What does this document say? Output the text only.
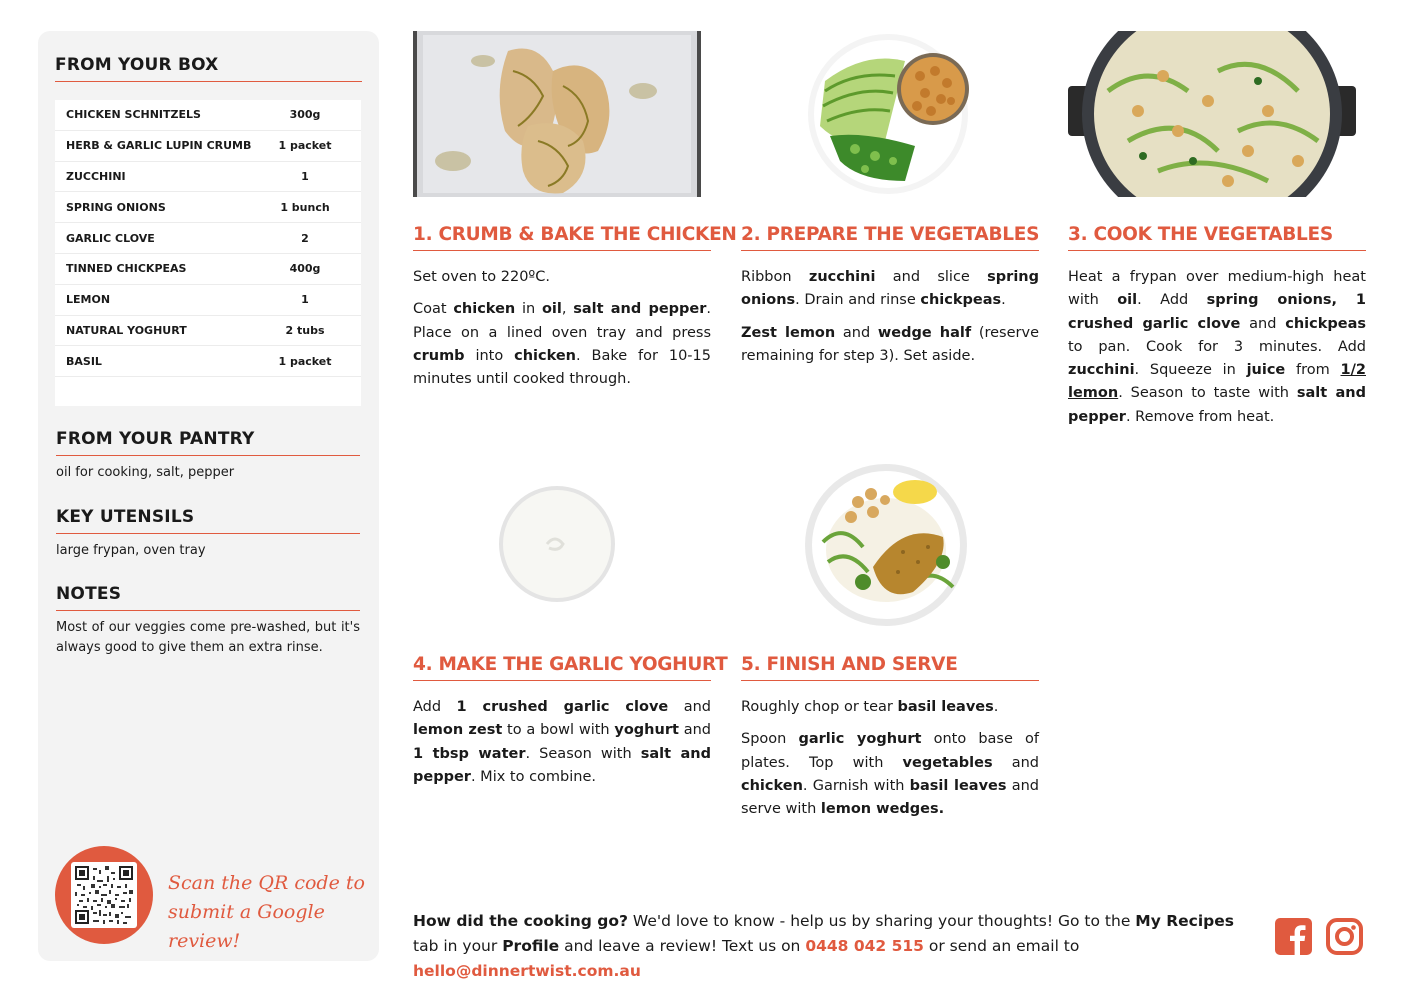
FROM YOUR BOX
CHICKEN SCHNITZELS	300g
HERB & GARLIC LUPIN CRUMB	1 packet
ZUCCHINI	1
SPRING ONIONS	1 bunch
GARLIC CLOVE	2
TINNED CHICKPEAS	400g
LEMON	1
NATURAL YOGHURT	2 tubs
BASIL	1 packet
FROM YOUR PANTRY
oil for cooking, salt, pepper
KEY UTENSILS
large frypan, oven tray
NOTES
Most of our veggies come pre-washed, but it's always good to give them an extra rinse.
Scan the QR code to
submit a Google review!
1. CRUMB & BAKE THE CHICKEN

Set oven to 220ºC.

Coat chicken in oil, salt and pepper. Place on a lined oven tray and press crumb into chicken. Bake for 10-15 minutes until cooked through.

2. PREPARE THE VEGETABLES

Ribbon zucchini and slice spring onions. Drain and rinse chickpeas.

Zest lemon and wedge half (reserve remaining for step 3). Set aside.

3. COOK THE VEGETABLES

Heat a frypan over medium-high heat with oil. Add spring onions, 1 crushed garlic clove and chickpeas to pan. Cook for 3 minutes. Add zucchini. Squeeze in juice from 1/2 lemon. Season to taste with salt and pepper. Remove from heat.

4. MAKE THE GARLIC YOGHURT

Add 1 crushed garlic clove and lemon zest to a bowl with yoghurt and 1 tbsp water. Season with salt and pepper. Mix to combine.

5. FINISH AND SERVE

Roughly chop or tear basil leaves.

Spoon garlic yoghurt onto base of plates. Top with vegetables and chicken. Garnish with basil leaves and serve with lemon wedges.

How did the cooking go? We'd love to know - help us by sharing your thoughts! Go to the My Recipes tab in your Profile and leave a review! Text us on 0448 042 515 or send an email to hello@dinnertwist.com.au
